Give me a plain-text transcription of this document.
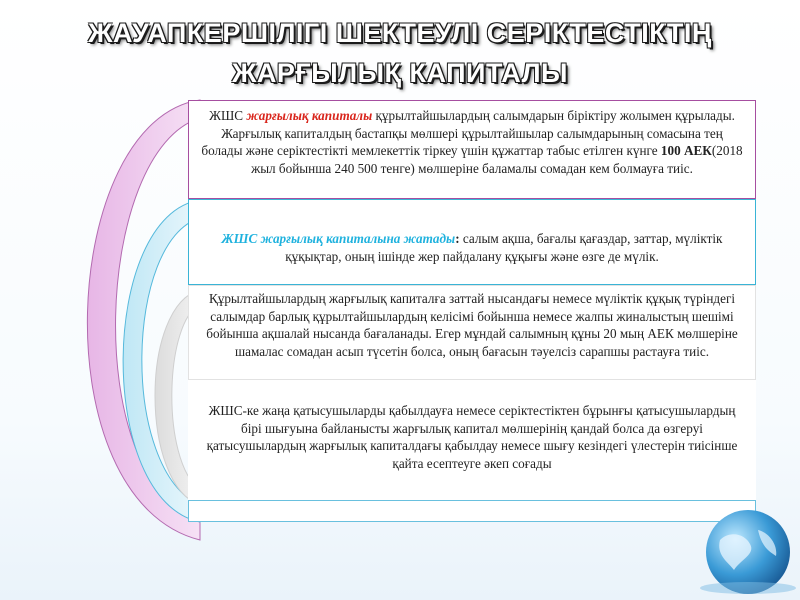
ЖАУАПКЕРШІЛІГІ ШЕКТЕУЛІ СЕРІКТЕСТІКТІҢ
ЖАРҒЫЛЫҚ КАПИТАЛЫ
ЖШС жарғылық капиталы құрылтайшылардың салымдарын біріктіру жолымен құрылады. Жарғылық капиталдың бастапқы мөлшері құрылтайшылар салымдарының сомасына тең болады және серіктестікті мемлекеттік тіркеу үшін құжаттар табыс етілген күнге 100 АЕК(2018 жыл бойынша 240 500 тенге) мөлшеріне баламалы сомадан кем болмауға тиіс.
ЖШС жарғылық капиталына жатады: салым ақша, бағалы қағаздар, заттар, мүліктік құқықтар, оның ішінде жер пайдалану құқығы және өзге де мүлік.
Құрылтайшылардың жарғылық капиталға заттай нысандағы немесе мүліктік құқық түріндегі салымдар барлық құрылтайшылардың келісімі бойынша немесе жалпы жиналыстың шешімі бойынша ақшалай нысанда бағаланады. Егер мұндай салымның құны 20 мың АЕК мөлшеріне шамалас сомадан асып түсетін болса, оның бағасын тәуелсіз сарапшы растауға тиіс.
ЖШС-ке жаңа қатысушыларды қабылдауға немесе серіктестіктен бұрынғы қатысушылардың бірі шығуына байланысты жарғылық капитал мөлшерінің қандай болса да өзгеруі қатысушылардың жарғылық капиталдағы қабылдау немесе шығу кезіндегі үлестерін тиісінше қайта есептеуге әкеп соғады
